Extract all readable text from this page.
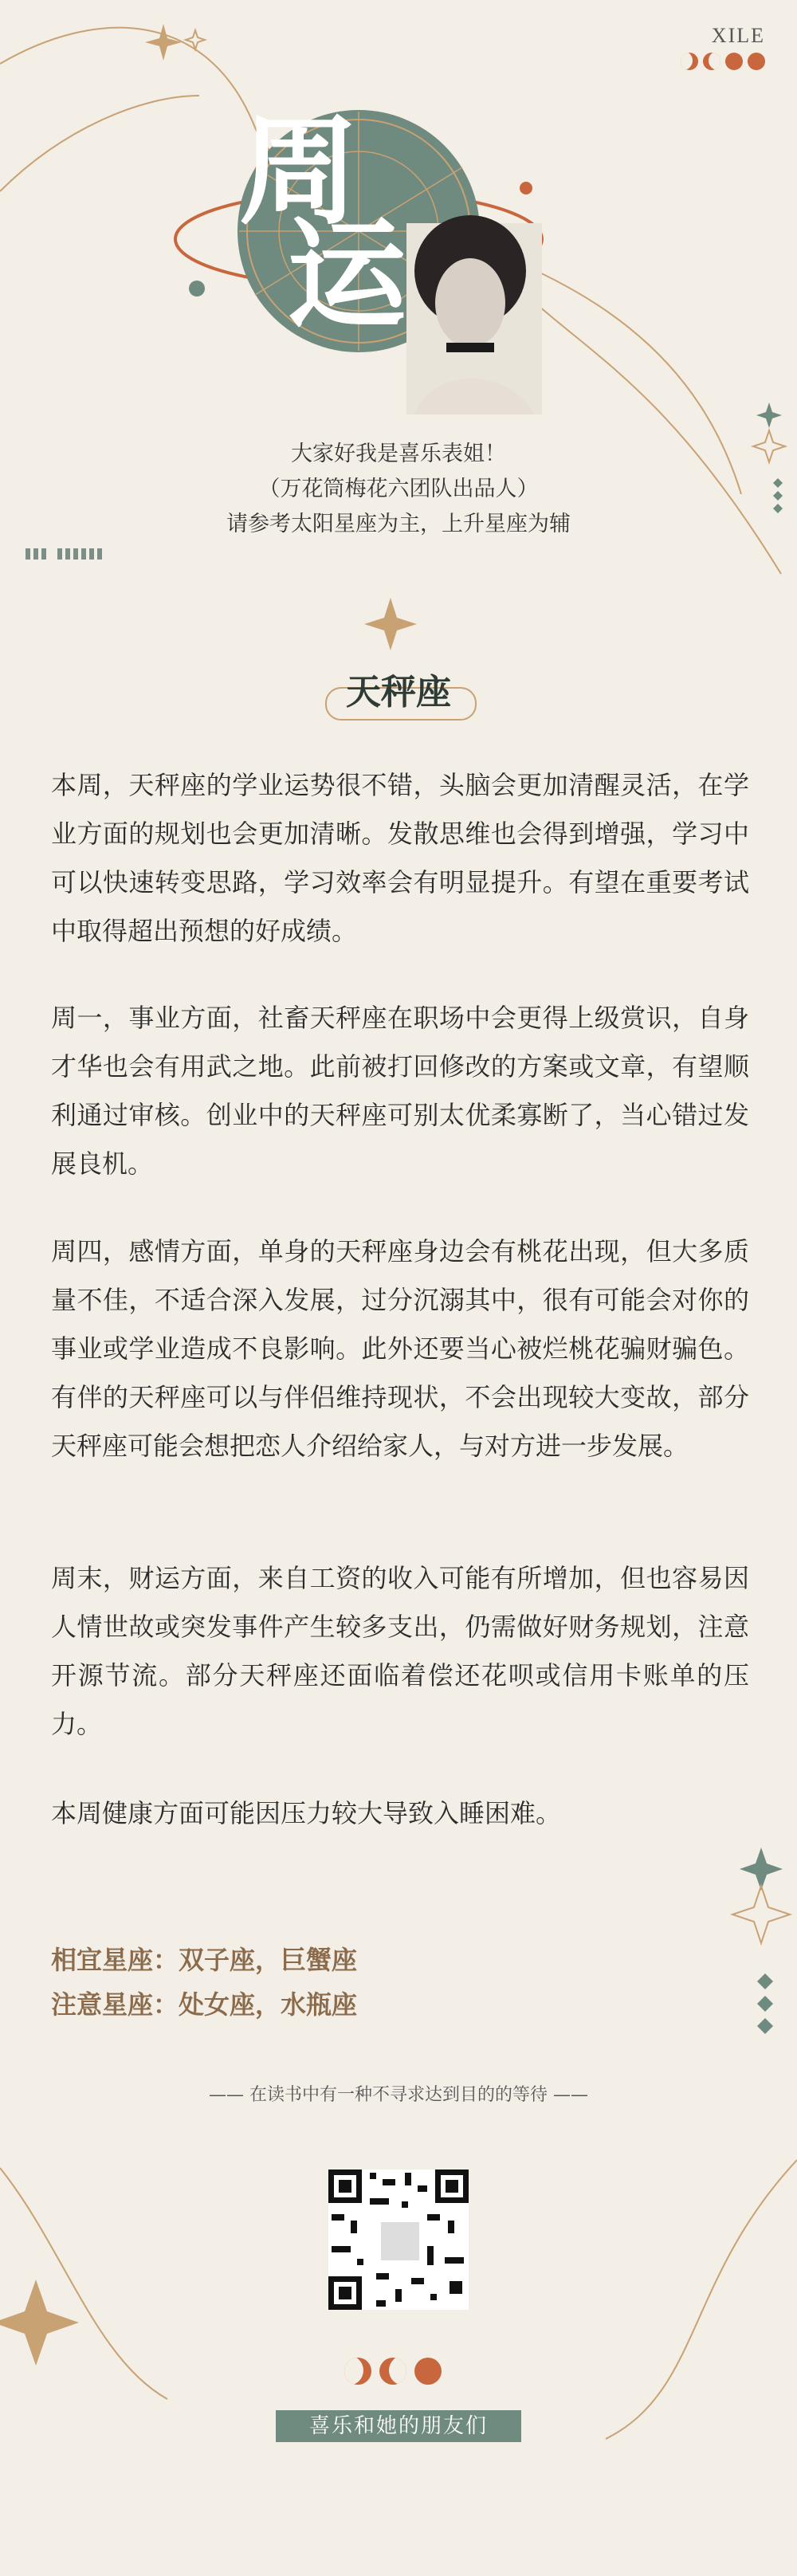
XILE
周
运
大家好我是喜乐表姐！
（万花筒梅花六团队出品人）
请参考太阳星座为主，上升星座为辅
天秤座
本周，天秤座的学业运势很不错，头脑会更加清醒灵活，在学业方面的规划也会更加清晰。发散思维也会得到增强，学习中可以快速转变思路，学习效率会有明显提升。有望在重要考试中取得超出预想的好成绩。
周一，事业方面，社畜天秤座在职场中会更得上级赏识，自身才华也会有用武之地。此前被打回修改的方案或文章，有望顺利通过审核。创业中的天秤座可别太优柔寡断了，当心错过发展良机。
周四，感情方面，单身的天秤座身边会有桃花出现，但大多质量不佳，不适合深入发展，过分沉溺其中，很有可能会对你的事业或学业造成不良影响。此外还要当心被烂桃花骗财骗色。有伴的天秤座可以与伴侣维持现状，不会出现较大变故，部分天秤座可能会想把恋人介绍给家人，与对方进一步发展。
周末，财运方面，来自工资的收入可能有所增加，但也容易因人情世故或突发事件产生较多支出，仍需做好财务规划，注意开源节流。部分天秤座还面临着偿还花呗或信用卡账单的压力。
本周健康方面可能因压力较大导致入睡困难。
相宜星座：双子座，巨蟹座
注意星座：处女座，水瓶座
—— 在读书中有一种不寻求达到目的的等待 ——
喜乐和她的朋友们
